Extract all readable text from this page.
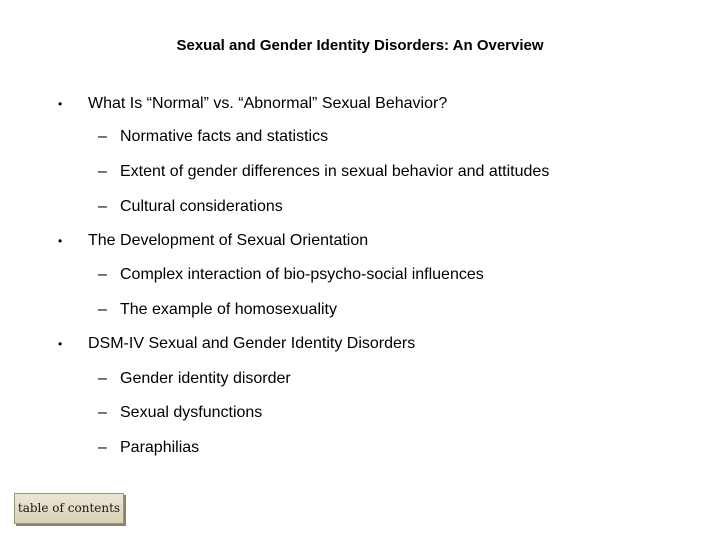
Sexual and Gender Identity Disorders: An Overview
• What Is “Normal” vs. “Abnormal” Sexual Behavior?
– Normative facts and statistics
– Extent of gender differences in sexual behavior and attitudes
– Cultural considerations
• The Development of Sexual Orientation
– Complex interaction of bio-psycho-social influences
– The example of homosexuality
• DSM-IV Sexual and Gender Identity Disorders
– Gender identity disorder
– Sexual dysfunctions
– Paraphilias
table of contents
